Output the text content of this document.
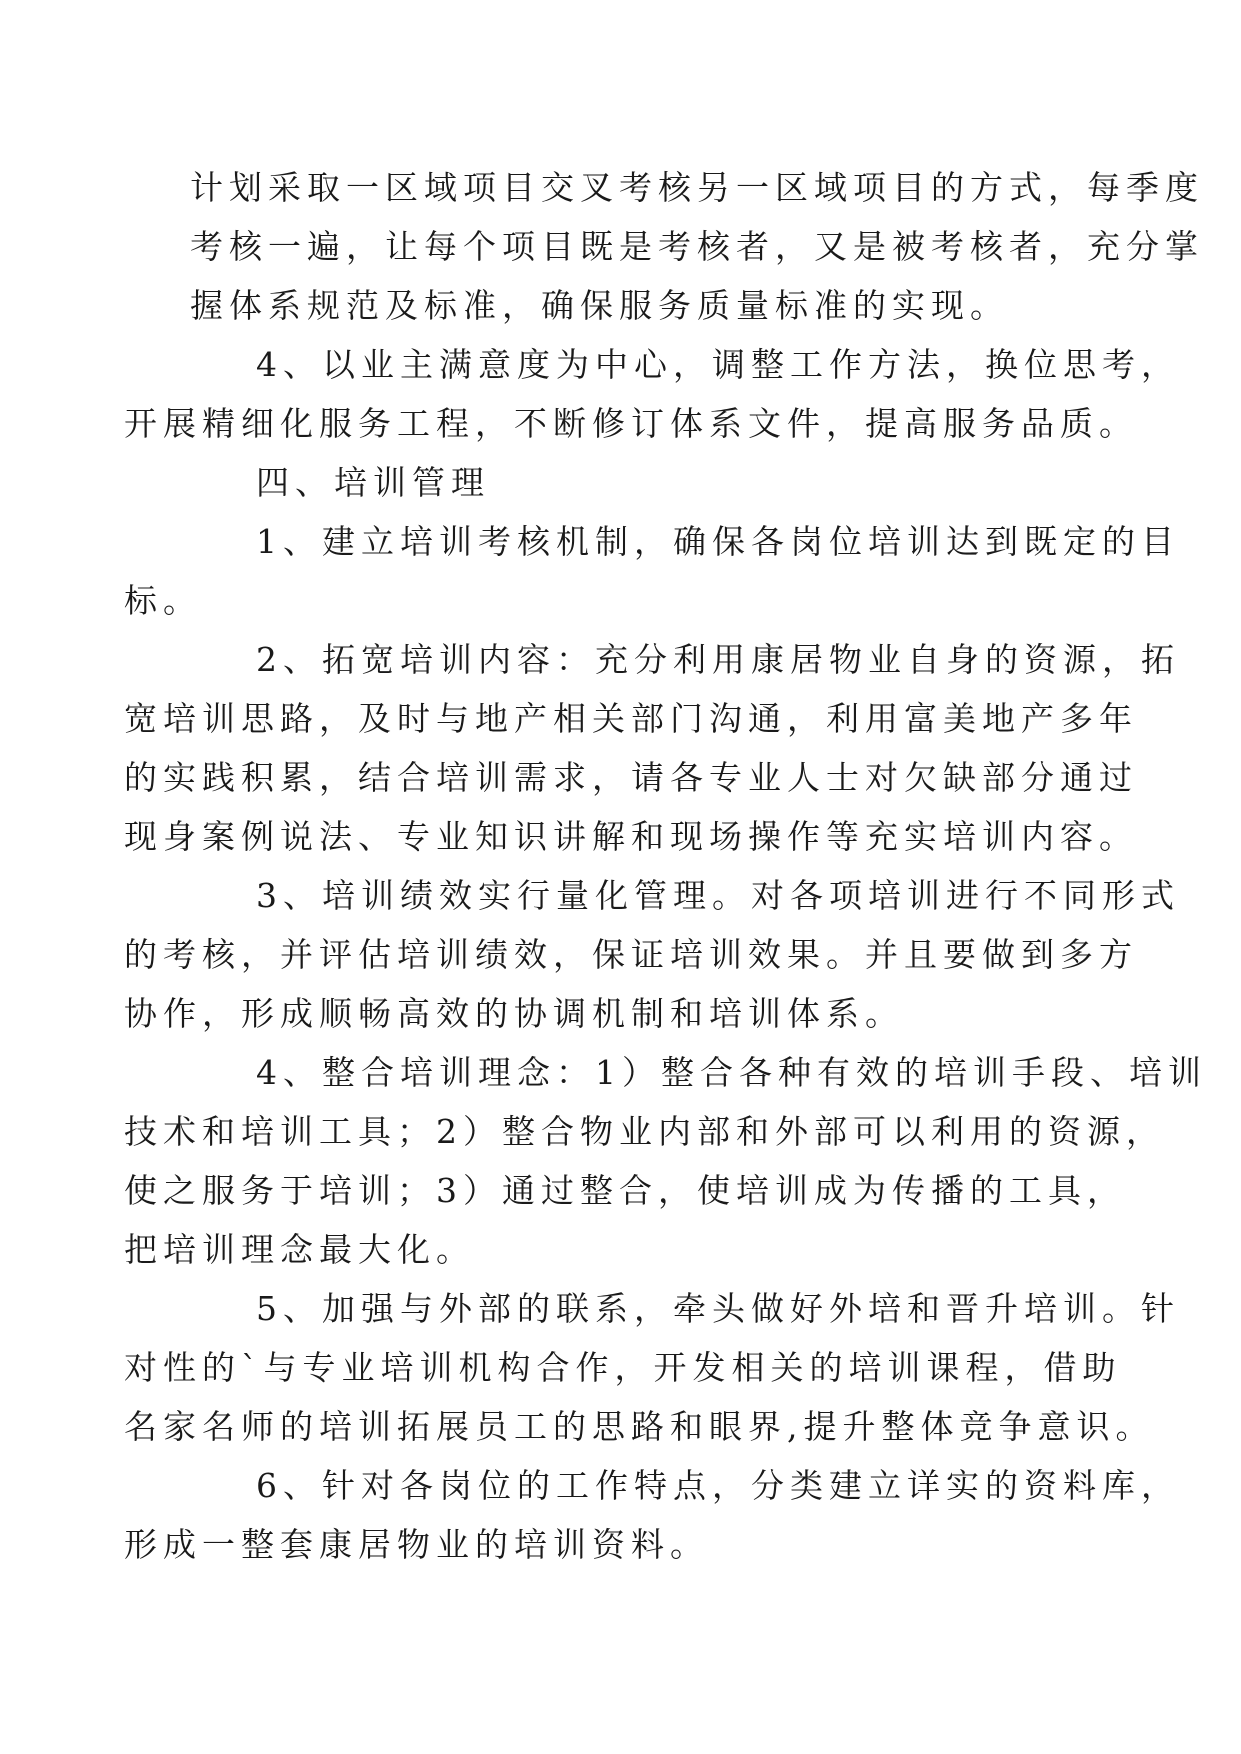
计划采取一区域项目交叉考核另一区域项目的方式，每季度
考核一遍，让每个项目既是考核者，又是被考核者，充分掌
握体系规范及标准，确保服务质量标准的实现。

4、以业主满意度为中心，调整工作方法，换位思考，
开展精细化服务工程，不断修订体系文件，提高服务品质。

四、培训管理

1、建立培训考核机制，确保各岗位培训达到既定的目
标。

2、拓宽培训内容：充分利用康居物业自身的资源，拓
宽培训思路，及时与地产相关部门沟通，利用富美地产多年
的实践积累，结合培训需求，请各专业人士对欠缺部分通过
现身案例说法、专业知识讲解和现场操作等充实培训内容。

3、培训绩效实行量化管理。对各项培训进行不同形式
的考核，并评估培训绩效，保证培训效果。并且要做到多方
协作，形成顺畅高效的协调机制和培训体系。

4、整合培训理念：1）整合各种有效的培训手段、培训
技术和培训工具；2）整合物业内部和外部可以利用的资源，
使之服务于培训；3）通过整合，使培训成为传播的工具，
把培训理念最大化。

5、加强与外部的联系，牵头做好外培和晋升培训。针
对性的`与专业培训机构合作，开发相关的培训课程，借助
名家名师的培训拓展员工的思路和眼界,提升整体竞争意识。

6、针对各岗位的工作特点，分类建立详实的资料库，
形成一整套康居物业的培训资料。
